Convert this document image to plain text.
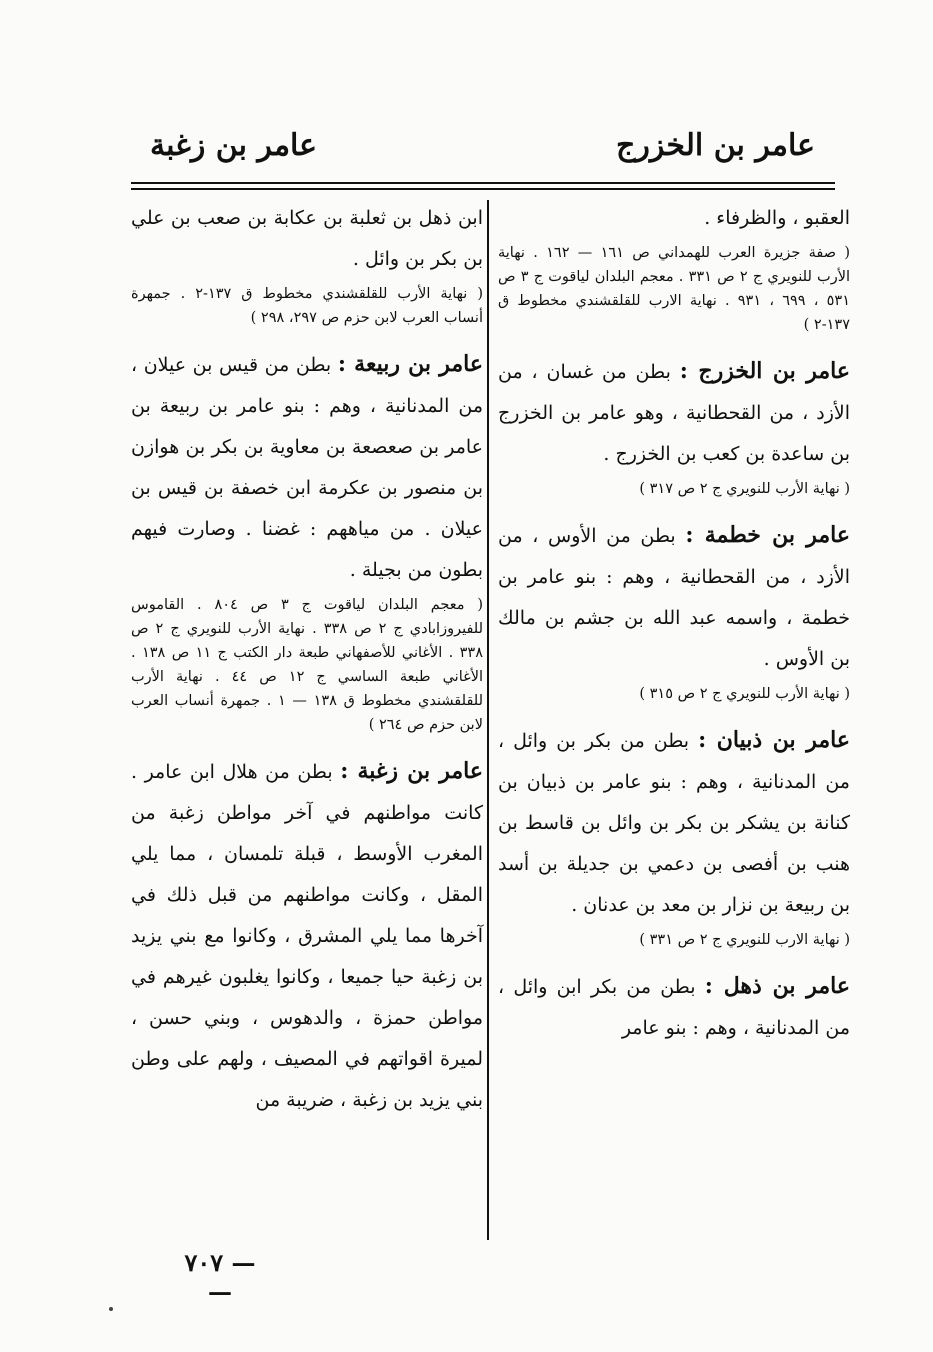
عامر بن الخزرج
عامر بن زغبة

العقبو ، والظرفاء .

( صفة جزيرة العرب للهمداني ص ١٦١ — ١٦٢ . نهاية الأرب للنويري ج ٢ ص ٣٣١ . معجم البلدان لياقوت ج ٣ ص ٥٣١ ، ٦٩٩ ، ٩٣١ . نهاية الارب للقلقشندي مخطوط ق ١٣٧-٢ )

عامر بن الخزرج : بطن من غسان ، من الأزد ، من القحطانية ، وهو عامر بن الخزرج بن ساعدة بن كعب بن الخزرج .

( نهاية الأرب للنويري ج ٢ ص ٣١٧ )

عامر بن خطمة : بطن من الأوس ، من الأزد ، من القحطانية ، وهم : بنو عامر بن خطمة ، واسمه عبد الله بن جشم بن مالك بن الأوس .

( نهاية الأرب للنويري ج ٢ ص ٣١٥ )

عامر بن ذبيان : بطن من بكر بن وائل ، من المدنانية ، وهم : بنو عامر بن ذبيان بن كنانة بن يشكر بن بكر بن وائل بن قاسط بن هنب بن أفصى بن دعمي بن جديلة بن أسد بن ربيعة بن نزار بن معد بن عدنان .

( نهاية الارب للنويري ج ٢ ص ٣٣١ )

عامر بن ذهل : بطن من بكر ابن وائل ، من المدنانية ، وهم : بنو عامر

ابن ذهل بن ثعلبة بن عكابة بن صعب بن علي بن بكر بن وائل .

( نهاية الأرب للقلقشندي مخطوط ق ١٣٧-٢ . جمهرة أنساب العرب لابن حزم ص ٢٩٧، ٢٩٨ )

عامر بن ربيعة : بطن من قيس بن عيلان ، من المدنانية ، وهم : بنو عامر بن ربيعة بن عامر بن صعصعة بن معاوية بن بكر بن هوازن بن منصور بن عكرمة ابن خصفة بن قيس بن عيلان . من مياههم : غضنا . وصارت فيهم بطون من بجيلة .

( معجم البلدان لياقوت ج ٣ ص ٨٠٤ . القاموس للفيروزابادي ج ٢ ص ٣٣٨ . نهاية الأرب للنويري ج ٢ ص ٣٣٨ . الأغاني للأصفهاني طبعة دار الكتب ج ١١ ص ١٣٨ . الأغاني طبعة الساسي ج ١٢ ص ٤٤ . نهاية الأرب للقلقشندي مخطوط ق ١٣٨ — ١ . جمهرة أنساب العرب لابن حزم ص ٢٦٤ )

عامر بن زغبة : بطن من هلال ابن عامر . كانت مواطنهم في آخر مواطن زغبة من المغرب الأوسط ، قبلة تلمسان ، مما يلي المقل ، وكانت مواطنهم من قبل ذلك في آخرها مما يلي المشرق ، وكانوا مع بني يزيد بن زغبة حيا جميعا ، وكانوا يغلبون غيرهم في مواطن حمزة ، والدهوس ، وبني حسن ، لميرة اقواتهم في المصيف ، ولهم على وطن بني يزيد بن زغبة ، ضريبة من

— ٧٠٧ —
